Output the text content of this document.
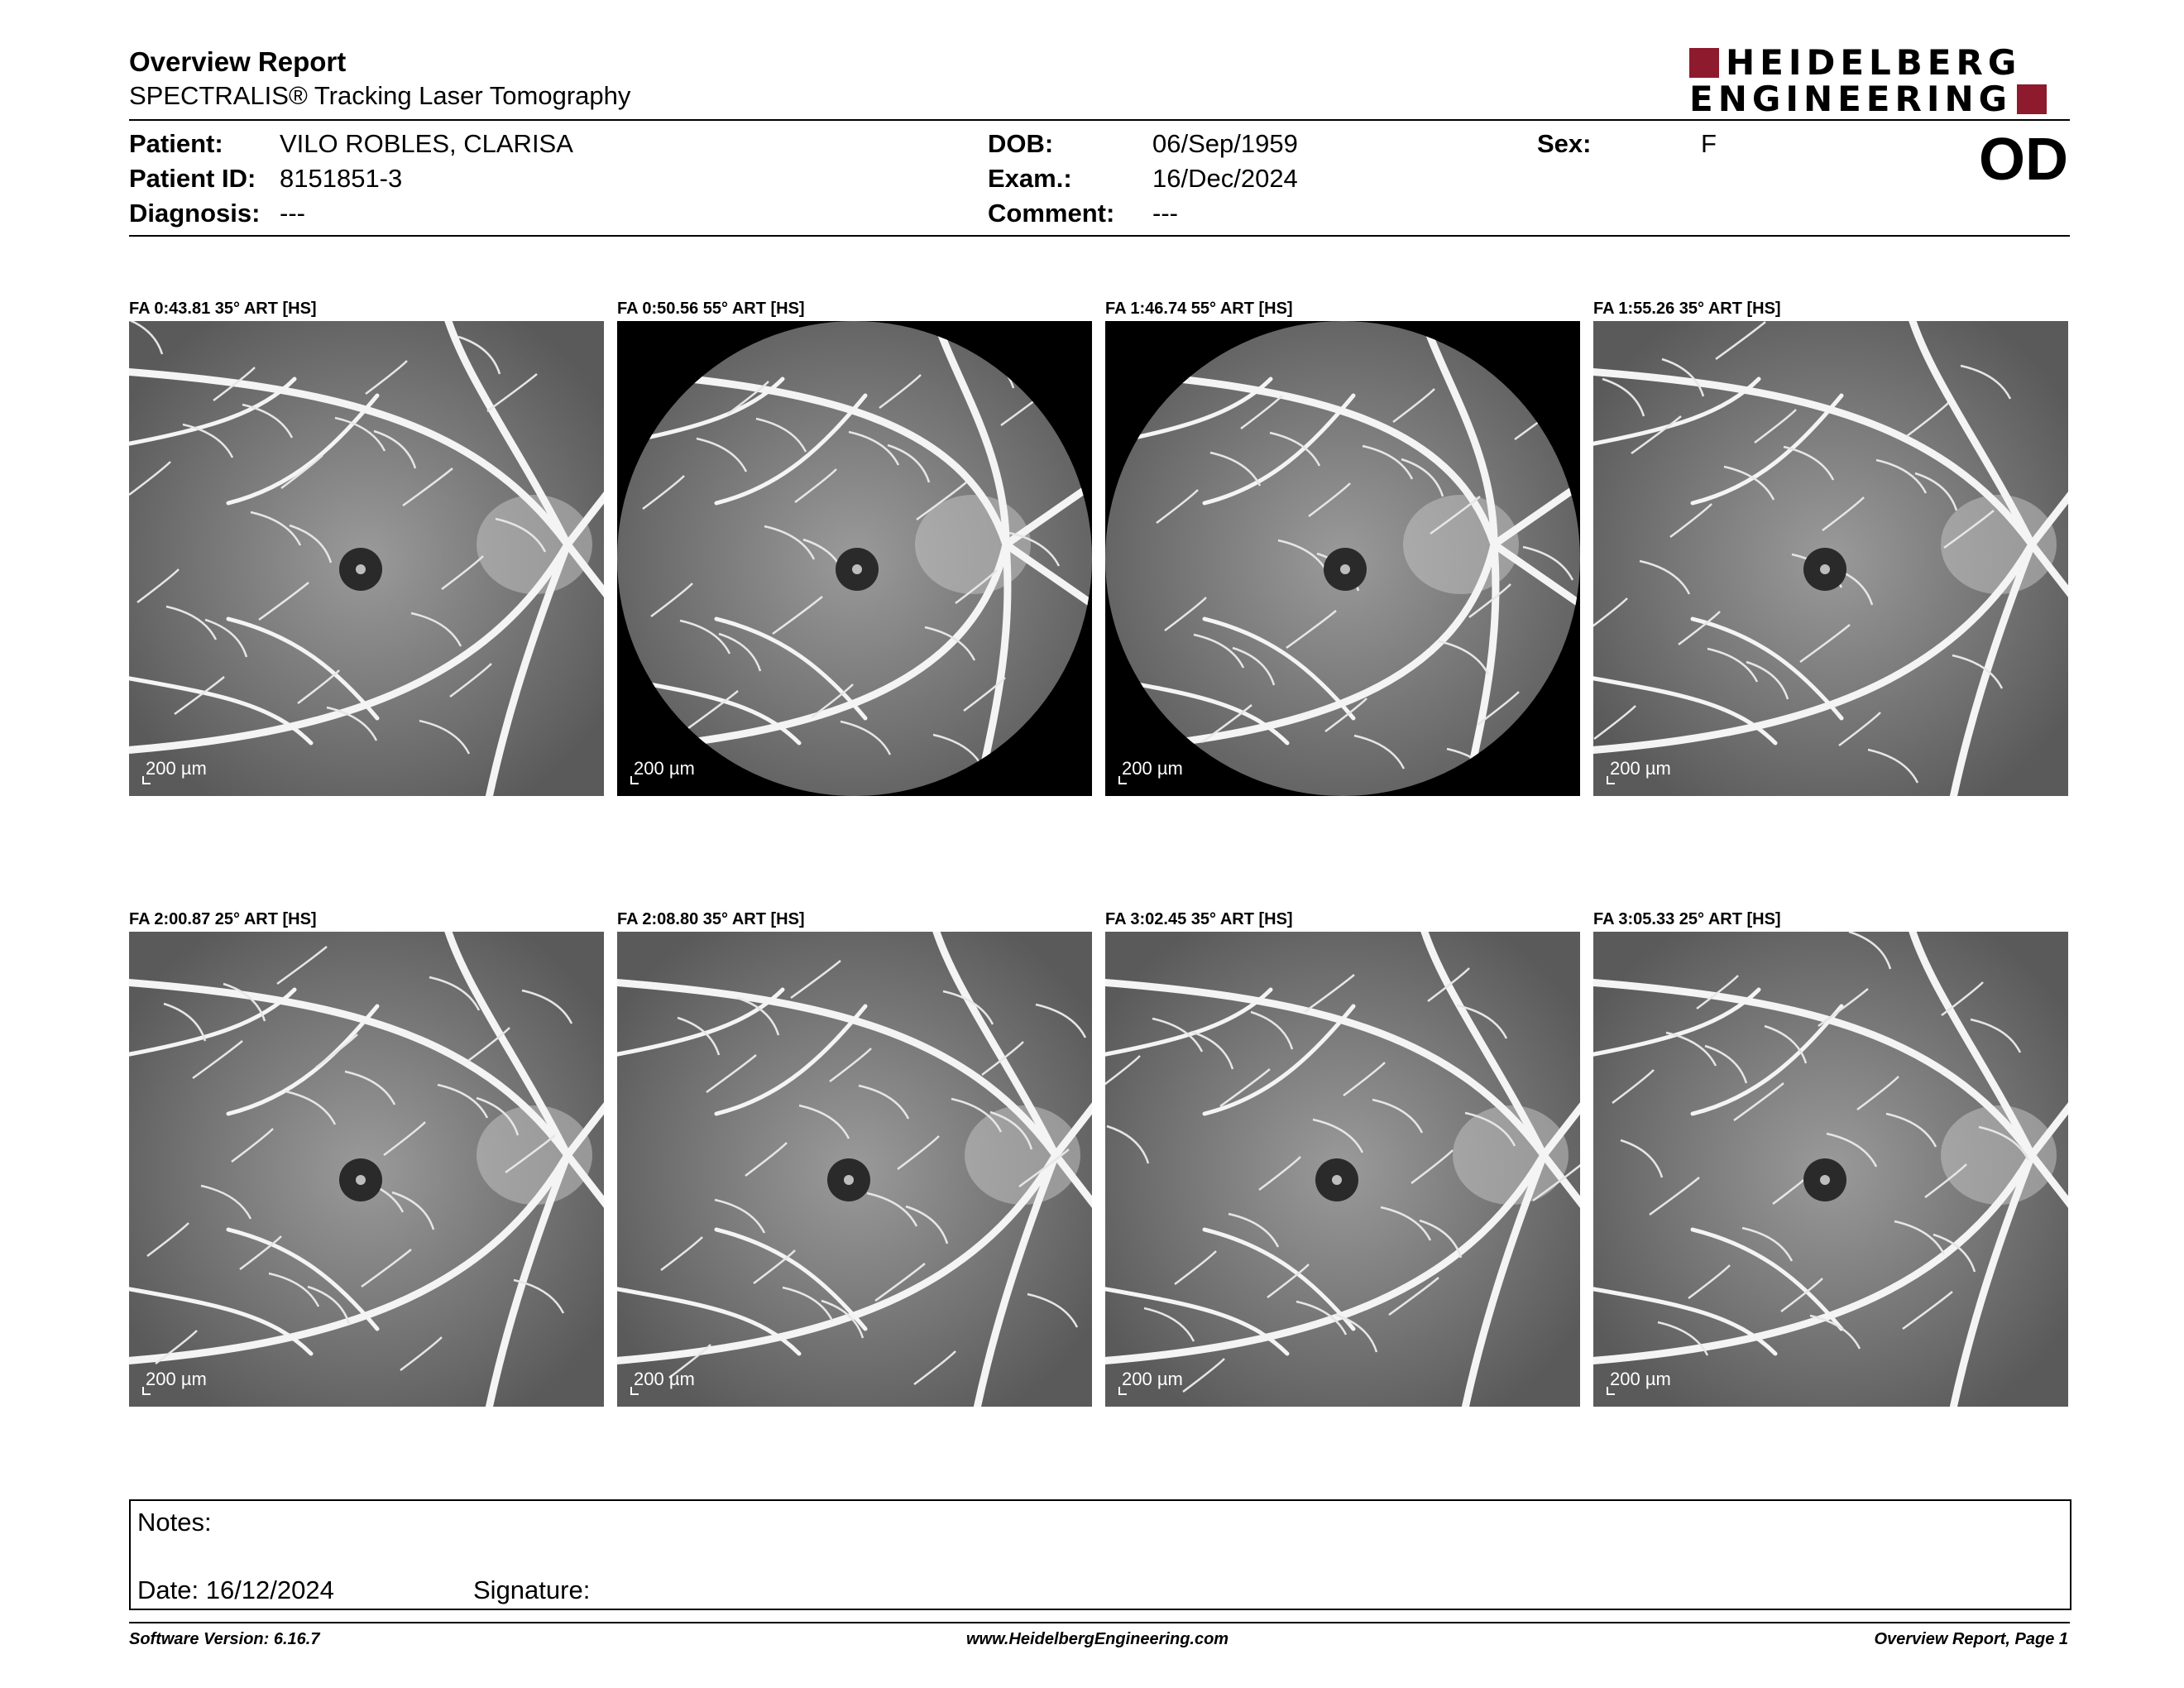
Overview Report
SPECTRALIS® Tracking Laser Tomography
HEIDELBERG
ENGINEERING
Patient: VILO ROBLES, CLARISA
Patient ID: 8151851-3
Diagnosis: ---
DOB:	06/Sep/1959
Exam.:	16/Dec/2024
Comment: ---
Sex:	F	OD
FA 0:43.81 35° ART [HS]
200 µm
FA 0:50.56 55° ART [HS]
200 µm
FA 1:46.74 55° ART [HS]
200 µm
FA 1:55.26 35° ART [HS]
200 µm
FA 2:00.87 25° ART [HS]
200 µm
FA 2:08.80 35° ART [HS]
200 µm
FA 3:02.45 35° ART [HS]
200 µm
FA 3:05.33 25° ART [HS]
200 µm
Notes:
Date: 16/12/2024	Signature:
Software Version: 6.16.7	www.HeidelbergEngineering.com	Overview Report, Page 1
